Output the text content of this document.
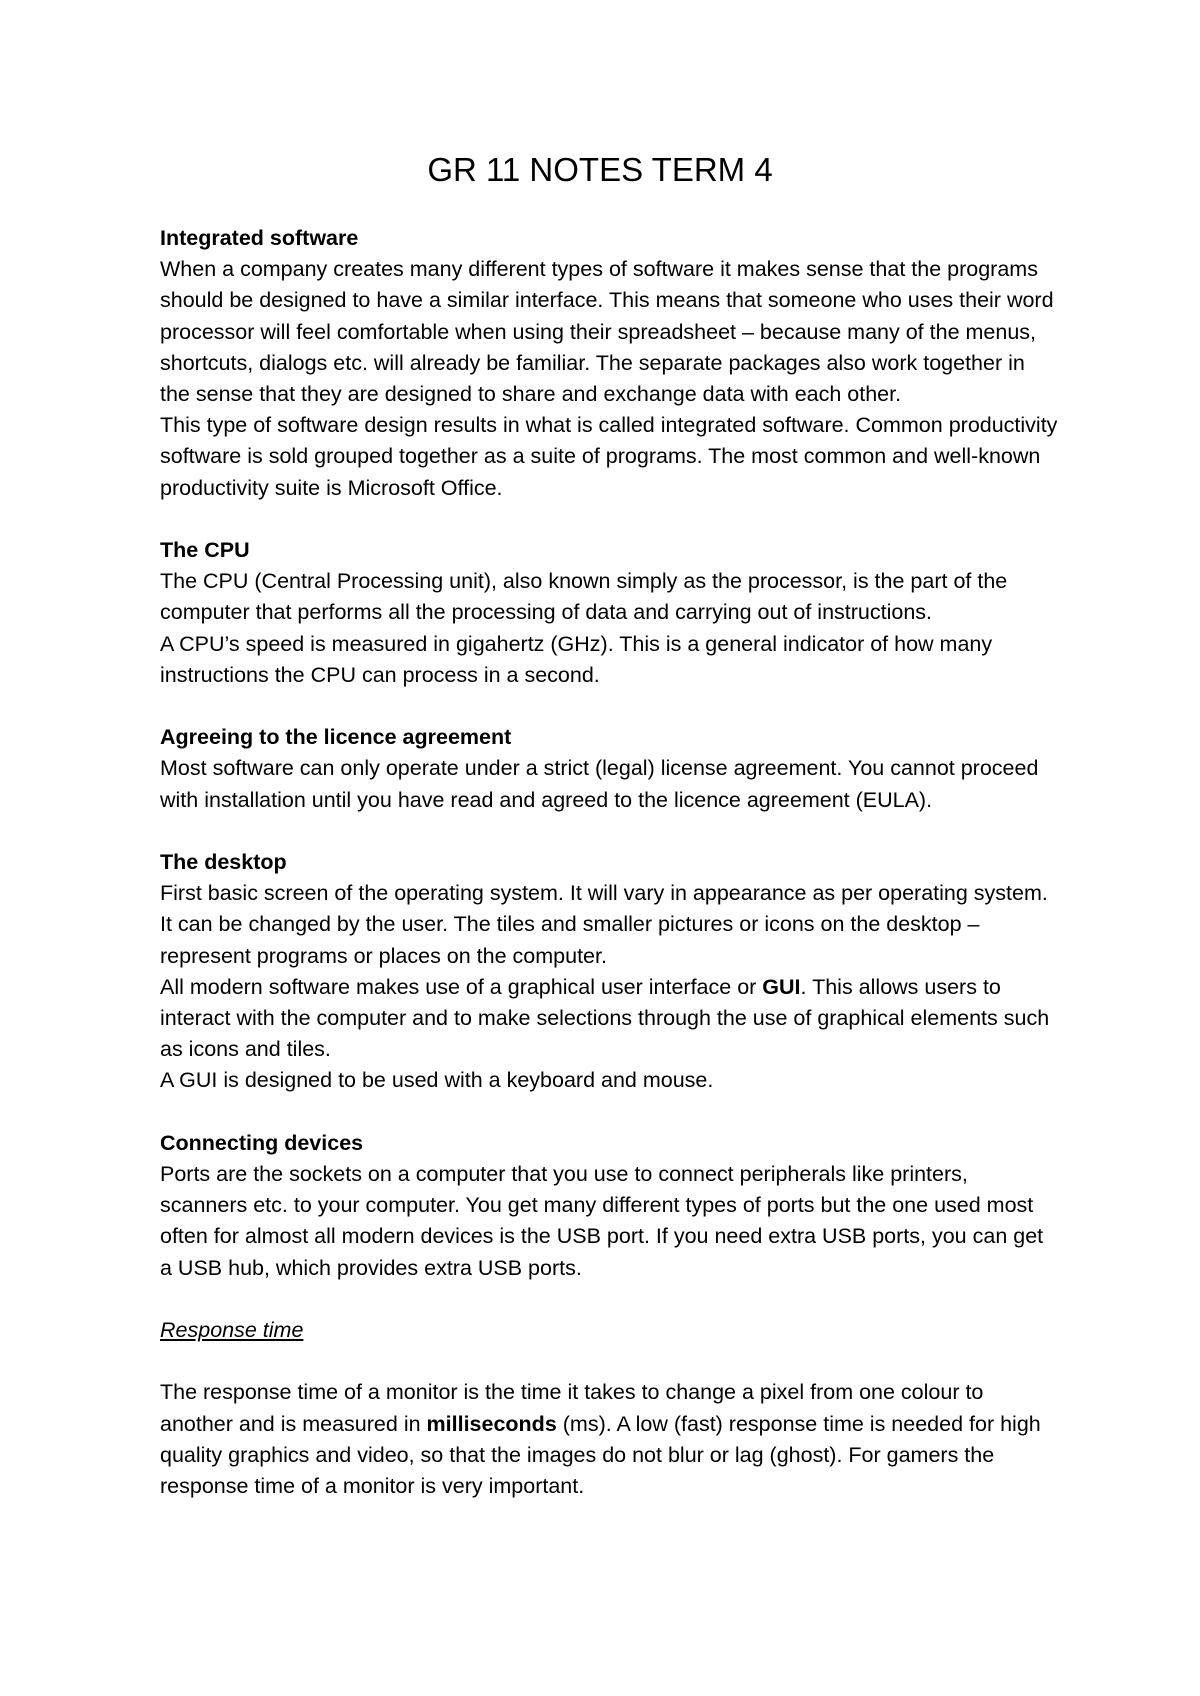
GR 11 NOTES TERM 4

Integrated software

When a company creates many different types of software it makes sense that the programs should be designed to have a similar interface. This means that someone who uses their word processor will feel comfortable when using their spreadsheet – because many of the menus, shortcuts, dialogs etc. will already be familiar. The separate packages also work together in the sense that they are designed to share and exchange data with each other.

This type of software design results in what is called integrated software. Common productivity software is sold grouped together as a suite of programs. The most common and well-known productivity suite is Microsoft Office.

The CPU

The CPU (Central Processing unit), also known simply as the processor, is the part of the computer that performs all the processing of data and carrying out of instructions.

A CPU’s speed is measured in gigahertz (GHz). This is a general indicator of how many instructions the CPU can process in a second.

Agreeing to the licence agreement

Most software can only operate under a strict (legal) license agreement. You cannot proceed with installation until you have read and agreed to the licence agreement (EULA).

The desktop

First basic screen of the operating system. It will vary in appearance as per operating system. It can be changed by the user. The tiles and smaller pictures or icons on the desktop – represent programs or places on the computer.

All modern software makes use of a graphical user interface or GUI. This allows users to interact with the computer and to make selections through the use of graphical elements such as icons and tiles.

A GUI is designed to be used with a keyboard and mouse.

Connecting devices

Ports are the sockets on a computer that you use to connect peripherals like printers, scanners etc. to your computer. You get many different types of ports but the one used most often for almost all modern devices is the USB port. If you need extra USB ports, you can get a USB hub, which provides extra USB ports.

Response time

The response time of a monitor is the time it takes to change a pixel from one colour to another and is measured in milliseconds (ms). A low (fast) response time is needed for high quality graphics and video, so that the images do not blur or lag (ghost). For gamers the response time of a monitor is very important.
